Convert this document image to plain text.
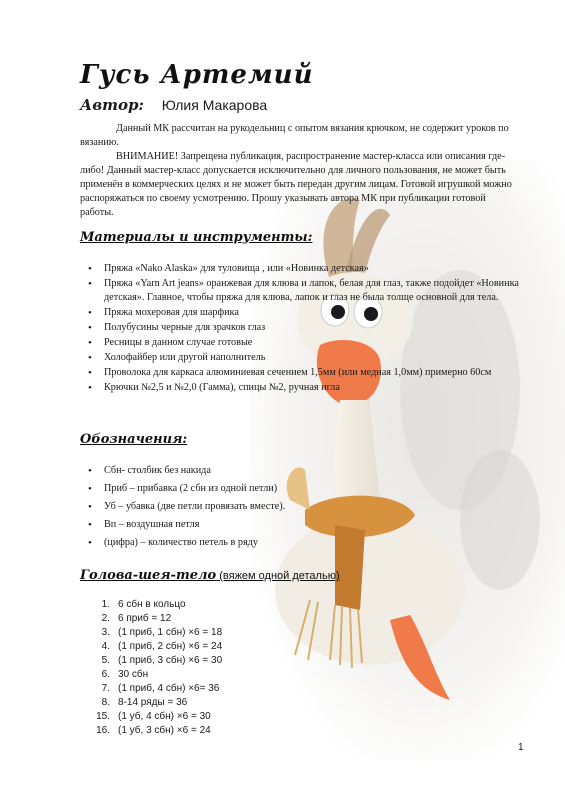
Гусь Артемий
Автор: Юлия Макарова

Данный МК рассчитан на рукодельниц с опытом вязания крючком, не содержит уроков по вязанию.

ВНИМАНИЕ! Запрещена публикация, распространение мастер-класса или описания где-либо! Данный мастер-класс допускается исключительно для личного пользования, не может быть применён в коммерческих целях и не может быть передан другим лицам. Готовой игрушкой можно распоряжаться по своему усмотрению. Прошу указывать автора МК при публикации готовой работы.

Материалы и инструменты:
• Пряжа «Nako Alaska» для туловища , или «Новинка детская»
• Пряжа «Yarn Art jeans» оранжевая для клюва и лапок, белая для глаз, также подойдет «Новинка детская». Главное, чтобы пряжа для клюва, лапок и глаз не была толще основной для тела.
• Пряжа мохеровая для шарфика
• Полубусины черные для зрачков глаз
• Ресницы в данном случае готовые
• Холофайбер или другой наполнитель
• Проволока для каркаса алюминиевая сечением 1,5мм (или медная 1,0мм) примерно 60см
• Крючки №2,5 и №2,0 (Гамма), спицы №2, ручная игла
Обозначения:
• Сбн- столбик без накида
• Приб – прибавка (2 сбн из одной петли)
• Уб – убавка (две петли провязать вместе).
• Вп – воздушная петля
• (цифра) – количество петель в ряду
Голова-шея-тело (вяжем одной деталью)
1. 6 сбн в кольцо
2. 6 приб = 12
3. (1 приб, 1 сбн) ×6 = 18
4. (1 приб, 2 сбн) ×6 = 24
5. (1 приб, 3 сбн) ×6 = 30
6. 30 сбн
7. (1 приб, 4 сбн) ×6= 36
8. 8-14 ряды = 36
15. (1 уб, 4 сбн) ×6 = 30
16. (1 уб, 3 сбн) ×6 = 24
1
